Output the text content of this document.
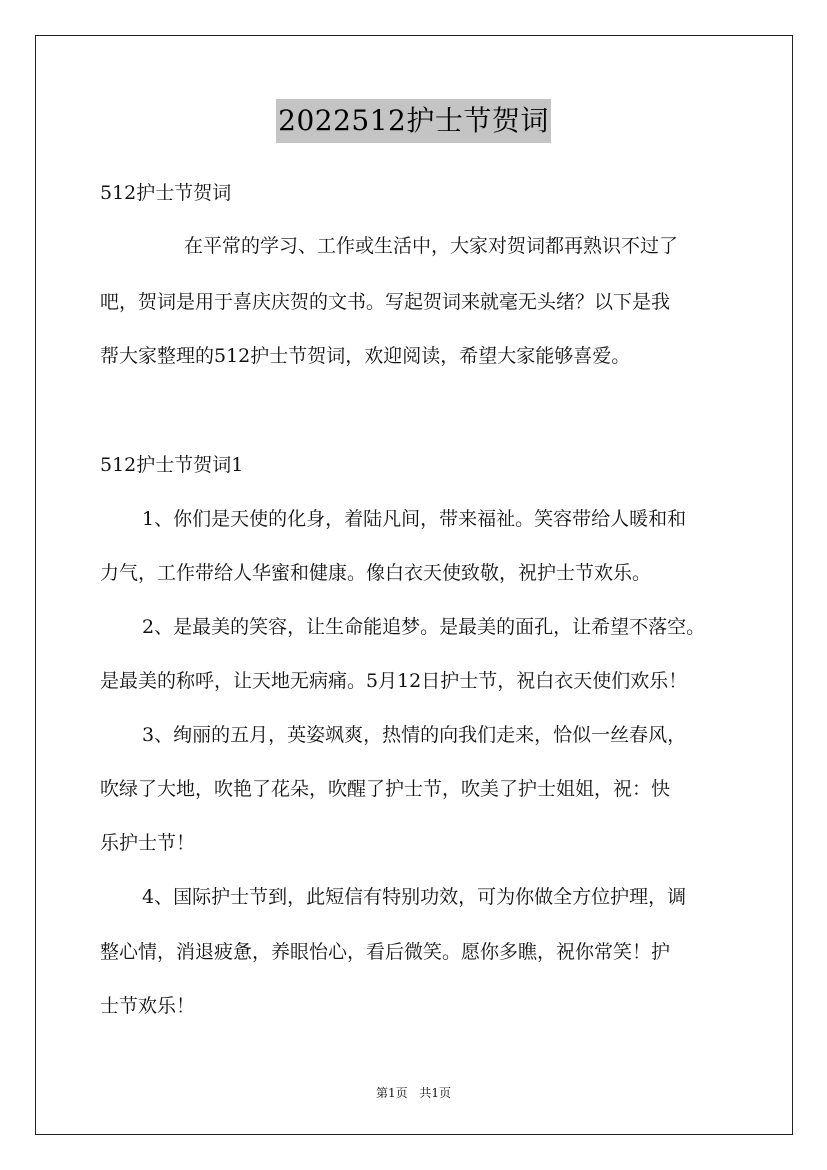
2022512护士节贺词
512护士节贺词
在平常的学习、工作或生活中，大家对贺词都再熟识不过了
吧，贺词是用于喜庆庆贺的文书。写起贺词来就毫无头绪？以下是我
帮大家整理的512护士节贺词，欢迎阅读，希望大家能够喜爱。
512护士节贺词1
1、你们是天使的化身，着陆凡间，带来福祉。笑容带给人暖和和
力气，工作带给人华蜜和健康。像白衣天使致敬，祝护士节欢乐。
2、是最美的笑容，让生命能追梦。是最美的面孔，让希望不落空。
是最美的称呼，让天地无病痛。5月12日护士节，祝白衣天使们欢乐！
3、绚丽的五月，英姿飒爽，热情的向我们走来，恰似一丝春风，
吹绿了大地，吹艳了花朵，吹醒了护士节，吹美了护士姐姐，祝：快
乐护士节！
4、国际护士节到，此短信有特别功效，可为你做全方位护理，调
整心情，消退疲惫，养眼怡心，看后微笑。愿你多瞧，祝你常笑！护
士节欢乐！
第1页 共1页
